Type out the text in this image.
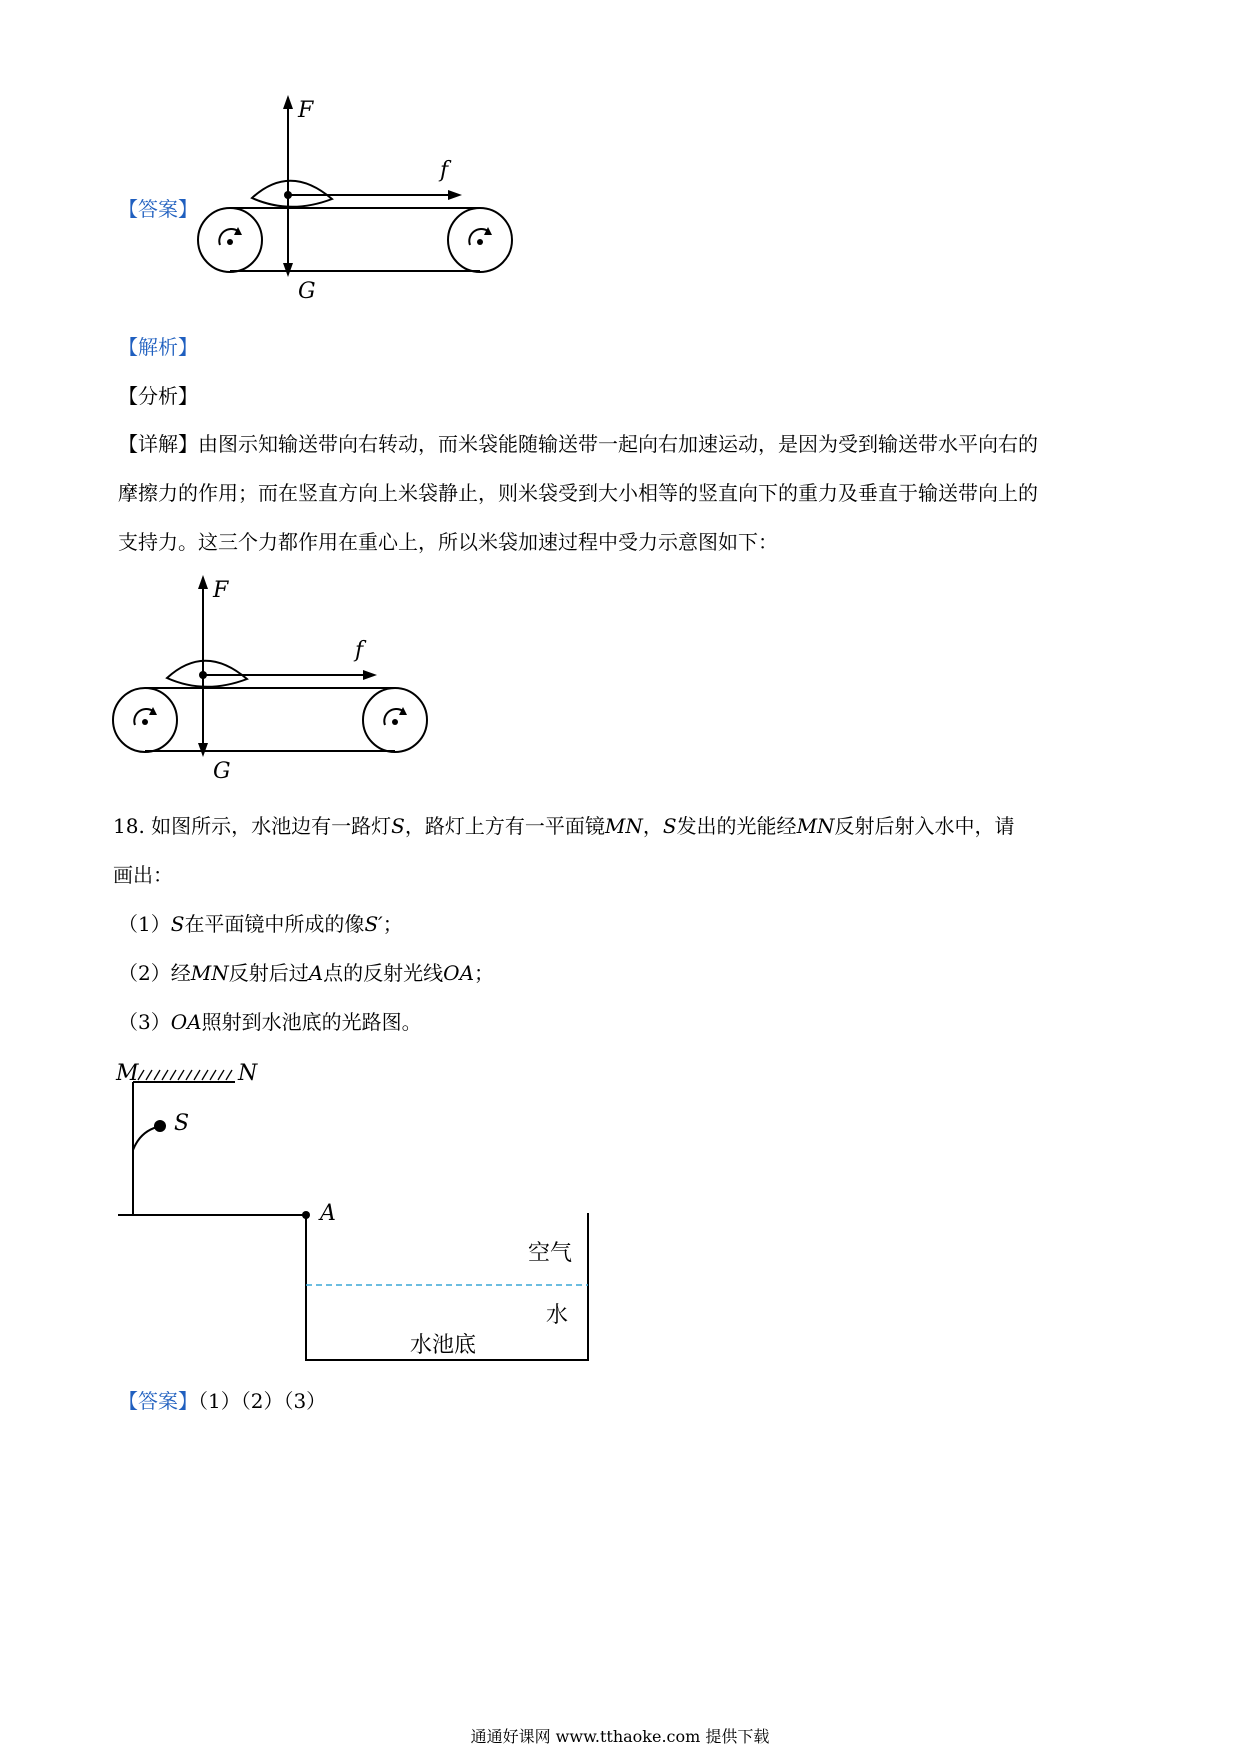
【答案】
F
f
G
【解析】
【分析】
【详解】由图示知输送带向右转动，而米袋能随输送带一起向右加速运动，是因为受到输送带水平向右的
摩擦力的作用；而在竖直方向上米袋静止，则米袋受到大小相等的竖直向下的重力及垂直于输送带向上的
支持力。这三个力都作用在重心上，所以米袋加速过程中受力示意图如下：
F
f
G
18. 如图所示，水池边有一路灯S，路灯上方有一平面镜MN，S发出的光能经MN反射后射入水中，请
画出：
（1）S在平面镜中所成的像S′；
（2）经MN反射后过A点的反射光线OA；
（3）OA照射到水池底的光路图。
M	N
S
A
空气
水
水池底
【答案】（1）（2）（3）
通通好课网 www.tthaoke.com 提供下载
